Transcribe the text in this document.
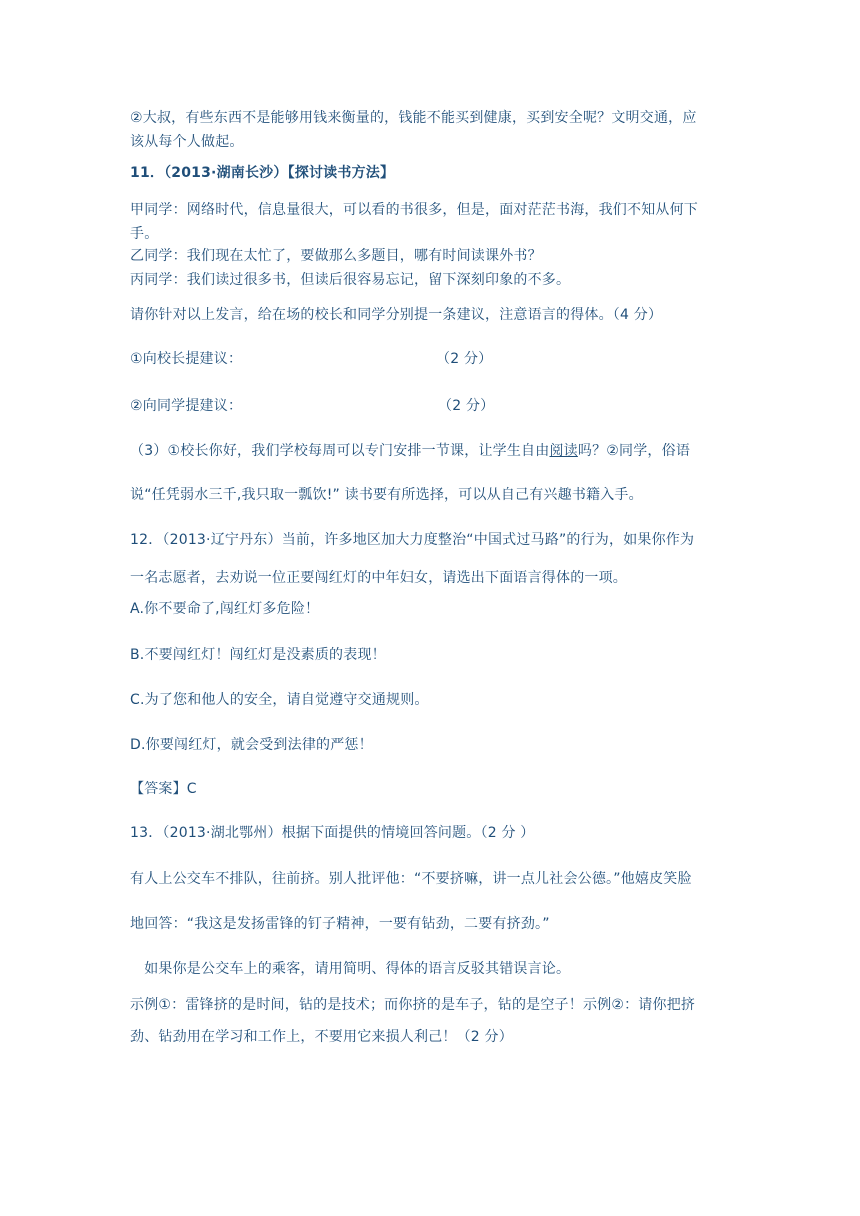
②大叔，有些东西不是能够用钱来衡量的，钱能不能买到健康，买到安全呢？文明交通，应
该从每个人做起。
11．（2013·湖南长沙）【探讨读书方法】
甲同学：网络时代，信息量很大，可以看的书很多，但是，面对茫茫书海，我们不知从何下
手。
乙同学：我们现在太忙了，要做那么多题目，哪有时间读课外书？
丙同学：我们读过很多书，但读后很容易忘记，留下深刻印象的不多。
请你针对以上发言，给在场的校长和同学分别提一条建议，注意语言的得体。（4 分）
①向校长提建议：	（2 分）
②向同学提建议：	（2 分）
（3）①校长你好，我们学校每周可以专门安排一节课，让学生自由阅读吗？②同学，俗语
说“任凭弱水三千,我只取一瓢饮!” 读书要有所选择，可以从自己有兴趣书籍入手。
12．（2013·辽宁丹东）当前，许多地区加大力度整治“中国式过马路”的行为，如果你作为
一名志愿者，去劝说一位正要闯红灯的中年妇女，请选出下面语言得体的一项。
A.你不要命了,闯红灯多危险！
B.不要闯红灯！闯红灯是没素质的表现！
C.为了您和他人的安全，请自觉遵守交通规则。
D.你要闯红灯，就会受到法律的严惩！
【答案】C
13．（2013·湖北鄂州）根据下面提供的情境回答问题。（2 分 ）
有人上公交车不排队，往前挤。别人批评他：“不要挤嘛，讲一点儿社会公德。”他嬉皮笑脸
地回答：“我这是发扬雷锋的钉子精神，一要有钻劲，二要有挤劲。”
　如果你是公交车上的乘客，请用简明、得体的语言反驳其错误言论。
示例①：雷锋挤的是时间，钻的是技术；而你挤的是车子，钻的是空子！示例②：请你把挤
劲、钻劲用在学习和工作上，不要用它来损人利己！（2 分）
